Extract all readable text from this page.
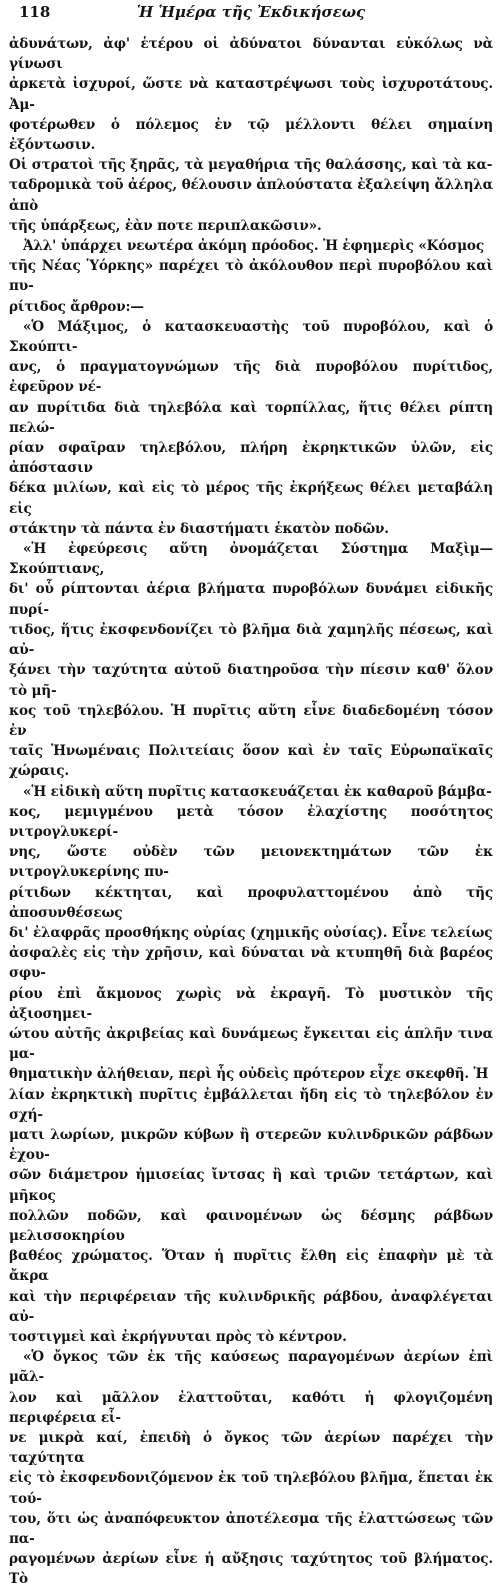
118	Ἡ Ἡμέρα τῆς Ἐκδικήσεως

ἀδυνάτων, ἀφ' ἑτέρου οἱ ἀδύνατοι δύνανται εὐκόλως νὰ γίνωσι
ἀρκετὰ ἰσχυροί, ὥστε νὰ καταστρέψωσι τοὺς ἰσχυροτάτους. Ἀμ-
φοτέρωθεν ὁ πόλεμος ἐν τῷ μέλλοντι θέλει σημαίνη ἐξόντωσιν.
Οἱ στρατοὶ τῆς ξηρᾶς, τὰ μεγαθήρια τῆς θαλάσσης, καὶ τὰ κα-
ταδρομικὰ τοῦ ἀέρος, θέλουσιν ἁπλούστατα ἐξαλείψη ἄλληλα ἀπὸ
τῆς ὑπάρξεως, ἐὰν ποτε περιπλακῶσιν».

Ἀλλ' ὑπάρχει νεωτέρα ἀκόμη πρόοδος. Ἡ ἐφημερὶς «Κόσμος
τῆς Νέας Ὑόρκης» παρέχει τὸ ἀκόλουθον περὶ πυροβόλου καὶ πυ-
ρίτιδος ἄρθρον:—

«Ὁ Μάξιμος, ὁ κατασκευαστὴς τοῦ πυροβόλου, καὶ ὁ Σκούπτι-
ανς, ὁ πραγματογνώμων τῆς διὰ πυροβόλου πυρίτιδος, ἐφεῦρον νέ-
αν πυρίτιδα διὰ τηλεβόλα καὶ τορπίλλας, ἥτις θέλει ρίπτη πελώ-
ρίαν σφαῖραν τηλεβόλου, πλήρη ἐκρηκτικῶν ὑλῶν, εἰς ἀπόστασιν
δέκα μιλίων, καὶ εἰς τὸ μέρος τῆς ἐκρήξεως θέλει μεταβάλη εἰς
στάκτην τὰ πάντα ἐν διαστήματι ἑκατὸν ποδῶν.

«Ἡ ἐφεύρεσις αὕτη ὀνομάζεται Σύστημα Μαξὶμ—Σκούπτιανς,
δι' οὗ ρίπτονται ἀέρια βλήματα πυροβόλων δυνάμει εἰδικῆς πυρί-
τιδος, ἥτις ἐκσφενδονίζει τὸ βλῆμα διὰ χαμηλῆς πέσεως, καὶ αὐ-
ξάνει τὴν ταχύτητα αὐτοῦ διατηροῦσα τὴν πίεσιν καθ' ὅλον τὸ μῆ-
κος τοῦ τηλεβόλου. Ἡ πυρῖτις αὕτη εἶνε διαδεδομένη τόσον ἐν
ταῖς Ἡνωμέναις Πολιτείαις ὅσον καὶ ἐν ταῖς Εὐρωπαϊκαῖς χώραις.

«Ἡ εἰδικὴ αὕτη πυρῖτις κατασκευάζεται ἐκ καθαροῦ βάμβα-
κος, μεμιγμένου μετὰ τόσον ἐλαχίστης ποσότητος νιτρογλυκερί-
νης, ὥστε οὐδὲν τῶν μειονεκτημάτων τῶν ἐκ νιτρογλυκερίνης πυ-
ρίτιδων κέκτηται, καὶ προφυλαττομένου ἀπὸ τῆς ἀποσυνθέσεως
δι' ἐλαφρᾶς προσθήκης οὐρίας (χημικῆς οὐσίας). Εἶνε τελείως
ἀσφαλὲς εἰς τὴν χρῆσιν, καὶ δύναται νὰ κτυπηθῆ διὰ βαρέος σφυ-
ρίου ἐπὶ ἄκμονος χωρὶς νὰ ἐκραγῆ. Τὸ μυστικὸν τῆς ἀξιοσημει-
ώτου αὐτῆς ἀκριβείας καὶ δυνάμεως ἔγκειται εἰς ἁπλῆν τινα μα-
θηματικὴν ἀλήθειαν, περὶ ἧς οὐδεὶς πρότερον εἶχε σκεφθῆ. Ἡ
λίαν ἐκρηκτικὴ πυρῖτις ἐμβάλλεται ἤδη εἰς τὸ τηλεβόλον ἐν σχή-
ματι λωρίων, μικρῶν κύβων ἢ στερεῶν κυλινδρικῶν ράβδων ἐχου-
σῶν διάμετρον ἡμισείας ἴντσας ἢ καὶ τριῶν τετάρτων, καὶ μῆκος
πολλῶν ποδῶν, καὶ φαινομένων ὡς δέσμης ράβδων μελισσοκηρίου
βαθέος χρώματος. Ὅταν ἡ πυρῖτις ἔλθη εἰς ἐπαφὴν μὲ τὰ ἄκρα
καὶ τὴν περιφέρειαν τῆς κυλινδρικῆς ράβδου, ἀναφλέγεται αὐ-
τοστιγμεὶ καὶ ἐκρήγνυται πρὸς τὸ κέντρον.

«Ὁ ὄγκος τῶν ἐκ τῆς καύσεως παραγομένων ἀερίων ἐπὶ μᾶλ-
λον καὶ μᾶλλον ἐλαττοῦται, καθότι ἡ φλογιζομένη περιφέρεια εἶ-
νε μικρὰ καί, ἐπειδὴ ὁ ὄγκος τῶν ἀερίων παρέχει τὴν ταχύτητα
εἰς τὸ ἐκσφενδονιζόμενον ἐκ τοῦ τηλεβόλου βλῆμα, ἕπεται ἐκ τού-
του, ὅτι ὡς ἀναπόφευκτον ἀποτέλεσμα τῆς ἐλαττώσεως τῶν πα-
ραγομένων ἀερίων εἶνε ἡ αὔξησις ταχύτητος τοῦ βλήματος. Τὸ
